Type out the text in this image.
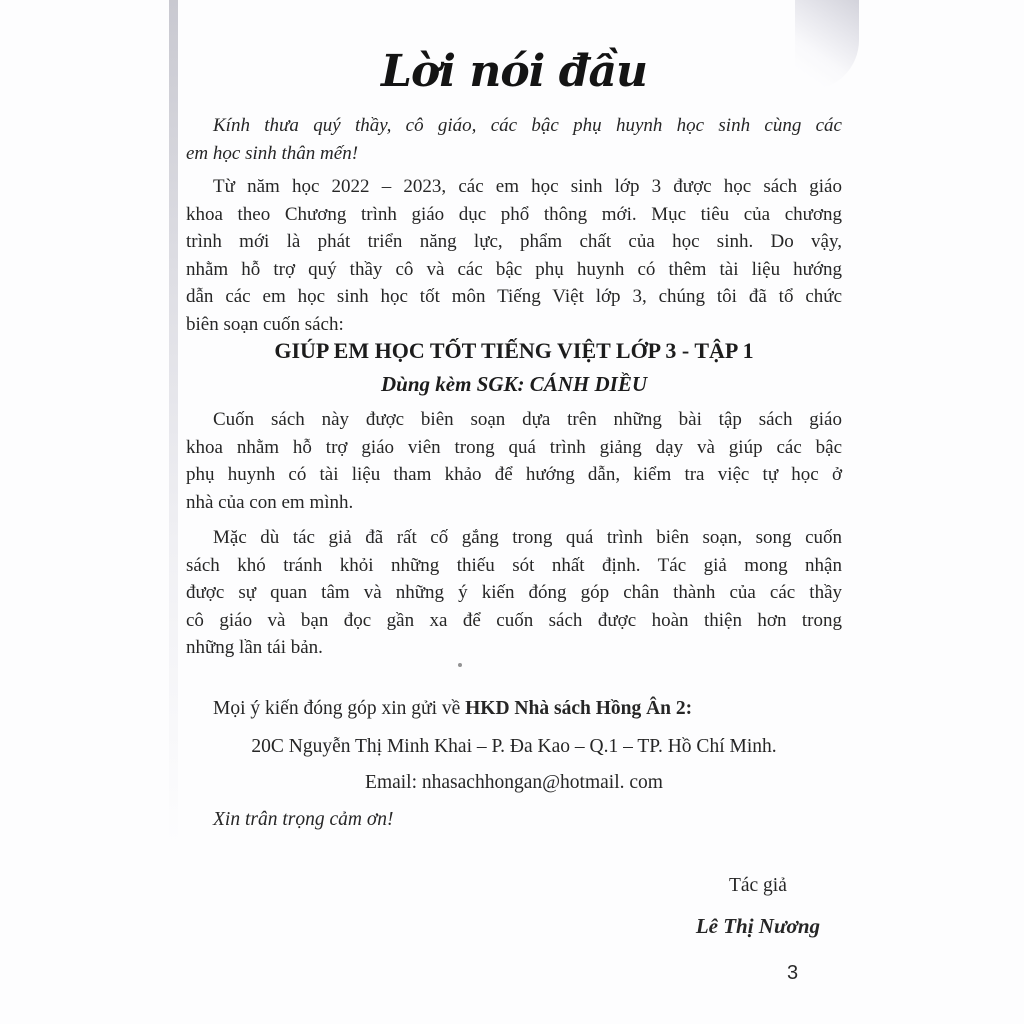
Lời nói đầu
Kính thưa quý thầy, cô giáo, các bậc phụ huynh học sinh cùng các
em học sinh thân mến!
Từ năm học 2022 – 2023, các em học sinh lớp 3 được học sách giáo
khoa theo Chương trình giáo dục phổ thông mới. Mục tiêu của chương
trình mới là phát triển năng lực, phẩm chất của học sinh. Do vậy,
nhằm hỗ trợ quý thầy cô và các bậc phụ huynh có thêm tài liệu hướng
dẫn các em học sinh học tốt môn Tiếng Việt lớp 3, chúng tôi đã tổ chức
biên soạn cuốn sách:
GIÚP EM HỌC TỐT TIẾNG VIỆT LỚP 3 - TẬP 1
Dùng kèm SGK: CÁNH DIỀU
Cuốn sách này được biên soạn dựa trên những bài tập sách giáo
khoa nhằm hỗ trợ giáo viên trong quá trình giảng dạy và giúp các bậc
phụ huynh có tài liệu tham khảo để hướng dẫn, kiểm tra việc tự học ở
nhà của con em mình.
Mặc dù tác giả đã rất cố gắng trong quá trình biên soạn, song cuốn
sách khó tránh khỏi những thiếu sót nhất định. Tác giả mong nhận
được sự quan tâm và những ý kiến đóng góp chân thành của các thầy
cô giáo và bạn đọc gần xa để cuốn sách được hoàn thiện hơn trong
những lần tái bản.
Mọi ý kiến đóng góp xin gửi về HKD Nhà sách Hồng Ân 2:
20C Nguyễn Thị Minh Khai – P. Đa Kao – Q.1 – TP. Hồ Chí Minh.
Email: nhasachhongan@hotmail. com
Xin trân trọng cảm ơn!
Tác giả
Lê Thị Nương
3
